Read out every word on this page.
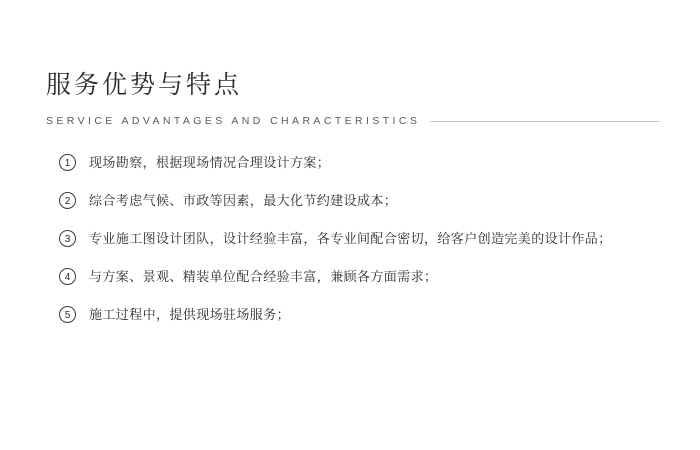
服务优势与特点
SERVICE ADVANTAGES AND CHARACTERISTICS
1	现场勘察，根据现场情况合理设计方案；
2	综合考虑气候、市政等因素，最大化节约建设成本；
3	专业施工图设计团队，设计经验丰富，各专业间配合密切，给客户创造完美的设计作品；
4	与方案、景观、精装单位配合经验丰富，兼顾各方面需求；
5	施工过程中，提供现场驻场服务；
